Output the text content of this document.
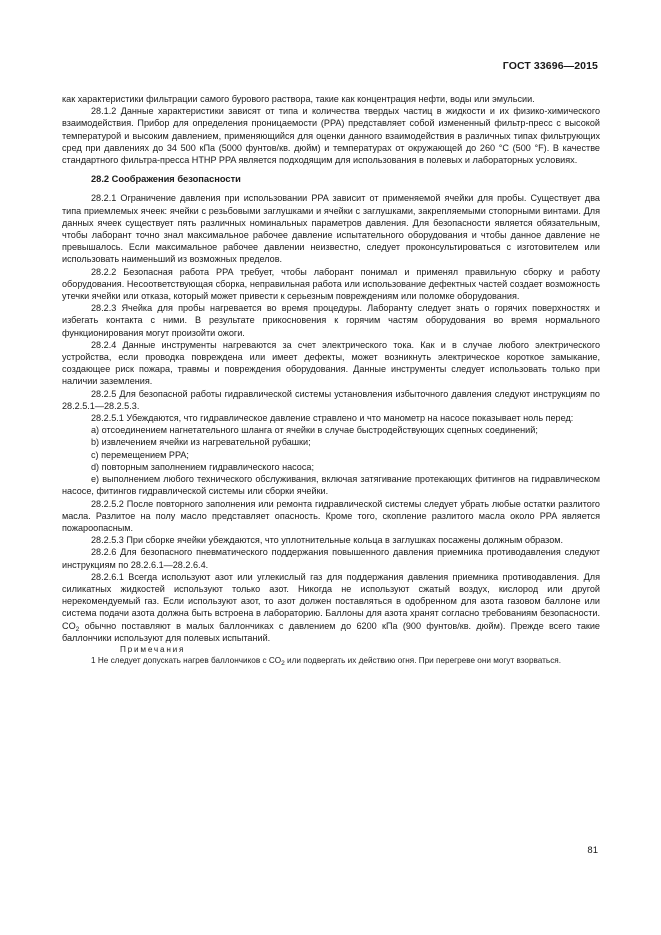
ГОСТ 33696—2015

как характеристики фильтрации самого бурового раствора, такие как концентрация нефти, воды или эмульсии.

28.1.2 Данные характеристики зависят от типа и количества твердых частиц в жидкости и их физико-химического взаимодействия. Прибор для определения проницаемости (PPA) представляет собой измененный фильтр-пресс с высокой температурой и высоким давлением, применяющийся для оценки данного взаимодействия в различных типах фильтрующих сред при давлениях до 34 500 кПа (5000 фунтов/кв. дюйм) и температурах от окружающей до 260 °С (500 °F). В качестве стандартного фильтра-пресса HTHP PPA является подходящим для использования в полевых и лабораторных условиях.

28.2 Соображения безопасности

28.2.1 Ограничение давления при использовании PPA зависит от применяемой ячейки для пробы. Существует два типа приемлемых ячеек: ячейки с резьбовыми заглушками и ячейки с заглушками, закрепляемыми стопорными винтами. Для данных ячеек существует пять различных номинальных параметров давления. Для безопасности является обязательным, чтобы лаборант точно знал максимальное рабочее давление испытательного оборудования и чтобы данное давление не превышалось. Если максимальное рабочее давлении неизвестно, следует проконсультироваться с изготовителем или использовать наименьший из возможных пределов.

28.2.2 Безопасная работа PPA требует, чтобы лаборант понимал и применял правильную сборку и работу оборудования. Несоответствующая сборка, неправильная работа или использование дефектных частей создает возможность утечки ячейки или отказа, который может привести к серьезным повреждениям или поломке оборудования.

28.2.3 Ячейка для пробы нагревается во время процедуры. Лаборанту следует знать о горячих поверхностях и избегать контакта с ними. В результате прикосновения к горячим частям оборудования во время нормального функционирования могут произойти ожоги.

28.2.4 Данные инструменты нагреваются за счет электрического тока. Как и в случае любого электрического устройства, если проводка повреждена или имеет дефекты, может возникнуть электрическое короткое замыкание, создающее риск пожара, травмы и повреждения оборудования. Данные инструменты следует использовать только при наличии заземления.

28.2.5 Для безопасной работы гидравлической системы установления избыточного давления следуют инструкциям по 28.2.5.1—28.2.5.3.

28.2.5.1 Убеждаются, что гидравлическое давление стравлено и что манометр на насосе показывает ноль перед:

a) отсоединением нагнетательного шланга от ячейки в случае быстродействующих сцепных соединений;

b) извлечением ячейки из нагревательной рубашки;

c) перемещением PPA;

d) повторным заполнением гидравлического насоса;

e) выполнением любого технического обслуживания, включая затягивание протекающих фитингов на гидравлическом насосе, фитингов гидравлической системы или сборки ячейки.

28.2.5.2 После повторного заполнения или ремонта гидравлической системы следует убрать любые остатки разлитого масла. Разлитое на полу масло представляет опасность. Кроме того, скопление разлитого масла около PPA является пожароопасным.

28.2.5.3 При сборке ячейки убеждаются, что уплотнительные кольца в заглушках посажены должным образом.

28.2.6 Для безопасного пневматического поддержания повышенного давления приемника противодавления следуют инструкциям по 28.2.6.1—28.2.6.4.

28.2.6.1 Всегда используют азот или углекислый газ для поддержания давления приемника противодавления. Для силикатных жидкостей используют только азот. Никогда не используют сжатый воздух, кислород или другой нерекомендуемый газ. Если используют азот, то азот должен поставляться в одобренном для азота газовом баллоне или система подачи азота должна быть встроена в лабораторию. Баллоны для азота хранят согласно требованиям безопасности. $CO_2$ обычно поставляют в малых баллончиках с давлением до 6200 кПа (900 фунтов/кв. дюйм). Прежде всего такие баллончики используют для полевых испытаний.

Примечания

1 Не следует допускать нагрев баллончиков с $CO_2$ или подвергать их действию огня. При перегреве они могут взорваться.

81
